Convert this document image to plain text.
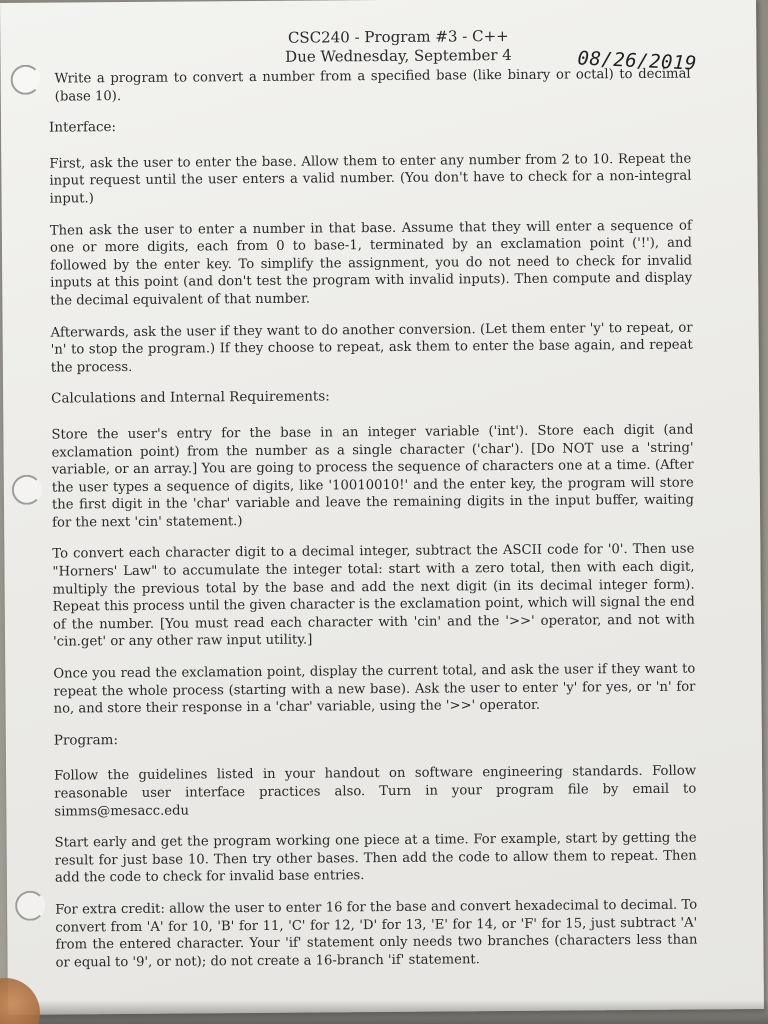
CSC240 - Program #3 - C++
Due Wednesday, September 4	08/26/2019

Write a program to convert a number from a specified base (like binary or octal) to decimal (base 10).

Interface:

First, ask the user to enter the base. Allow them to enter any number from 2 to 10. Repeat the input request until the user enters a valid number. (You don't have to check for a non-integral input.)

Then ask the user to enter a number in that base. Assume that they will enter a sequence of one or more digits, each from 0 to base-1, terminated by an exclamation point ('!'), and followed by the enter key. To simplify the assignment, you do not need to check for invalid inputs at this point (and don't test the program with invalid inputs). Then compute and display the decimal equivalent of that number.

Afterwards, ask the user if they want to do another conversion. (Let them enter 'y' to repeat, or 'n' to stop the program.) If they choose to repeat, ask them to enter the base again, and repeat the process.

Calculations and Internal Requirements:

Store the user's entry for the base in an integer variable ('int'). Store each digit (and exclamation point) from the number as a single character ('char'). [Do NOT use a 'string' variable, or an array.] You are going to process the sequence of characters one at a time. (After the user types a sequence of digits, like '10010010!' and the enter key, the program will store the first digit in the 'char' variable and leave the remaining digits in the input buffer, waiting for the next 'cin' statement.)

To convert each character digit to a decimal integer, subtract the ASCII code for '0'. Then use "Horners' Law" to accumulate the integer total: start with a zero total, then with each digit, multiply the previous total by the base and add the next digit (in its decimal integer form). Repeat this process until the given character is the exclamation point, which will signal the end of the number. [You must read each character with 'cin' and the '>>' operator, and not with 'cin.get' or any other raw input utility.]

Once you read the exclamation point, display the current total, and ask the user if they want to repeat the whole process (starting with a new base). Ask the user to enter 'y' for yes, or 'n' for no, and store their response in a 'char' variable, using the '>>' operator.

Program:

Follow the guidelines listed in your handout on software engineering standards. Follow reasonable user interface practices also. Turn in your program file by email to simms@mesacc.edu

Start early and get the program working one piece at a time. For example, start by getting the result for just base 10. Then try other bases. Then add the code to allow them to repeat. Then add the code to check for invalid base entries.

For extra credit: allow the user to enter 16 for the base and convert hexadecimal to decimal. To convert from 'A' for 10, 'B' for 11, 'C' for 12, 'D' for 13, 'E' for 14, or 'F' for 15, just subtract 'A' from the entered character. Your 'if' statement only needs two branches (characters less than or equal to '9', or not); do not create a 16-branch 'if' statement.
